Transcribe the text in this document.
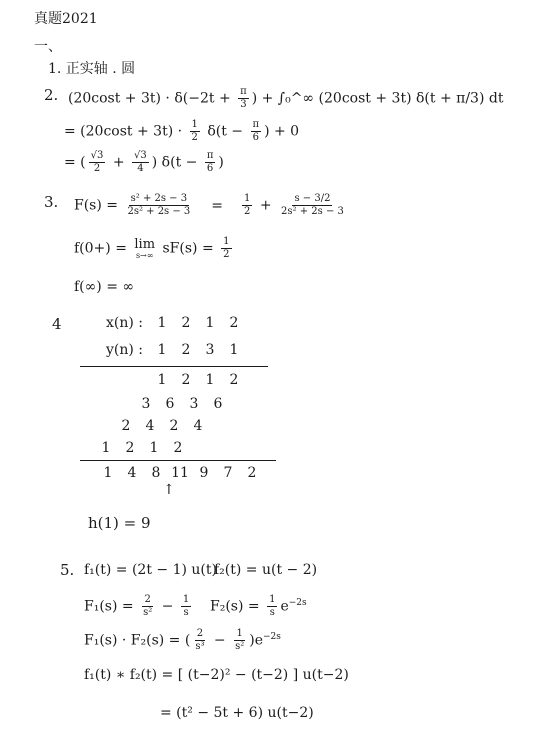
真题2021
一、
1. 正实轴 . 圆
2. $(20\cos t + 3t) \cdot \delta(-2t + \frac{\pi}{3}$ ) + ∫₀^∞ (20cost + 3t) δ(t + π/3) dt
= $(20\cos t + 3t) \cdot \frac{1}{2} \delta(t - \frac{\pi}{6}$ ) + 0
= ( $\frac{√3}{2} + \frac{√3}{4}$ ) $\delta(t - \frac{\pi}{6}$ )
3. $F(s) = \frac{\text{s² + 2s − 3}}{\text{2s² + 2s − 3}} = \frac{1}{2} + \frac{s - 3/2}{\text{2s² + 2s − 3}}$
f(0+) = lim
s→∞ $sF(s) = \frac{1}{2}$
f(∞) = ∞
4	x(n) : 1 2 1 2
y(n) : 1 2 3 1
1 2 1 2
3 6 3 6
2 4 2 4
1 2 1 2
1 4 8 11 9 7 2
↑
h(1) = 9
5. f₁(t) = (2t − 1) u(t)
f₂(t) = u(t − 2)
$F_1(s) = \frac{2}{\text{s²}} - \frac{1}{s} F_2(s) = \frac{1}{s} e^{-2s}$
F₁(s) · F₂(s) = ( $\frac{2}{\text{s³}} - \frac{1}{\text{s²}} )e^{-2s}$
f₁(t) ∗ f₂(t) = [ (t−2)² − (t−2) ] u(t−2)
= (t² − 5t + 6) u(t−2)
